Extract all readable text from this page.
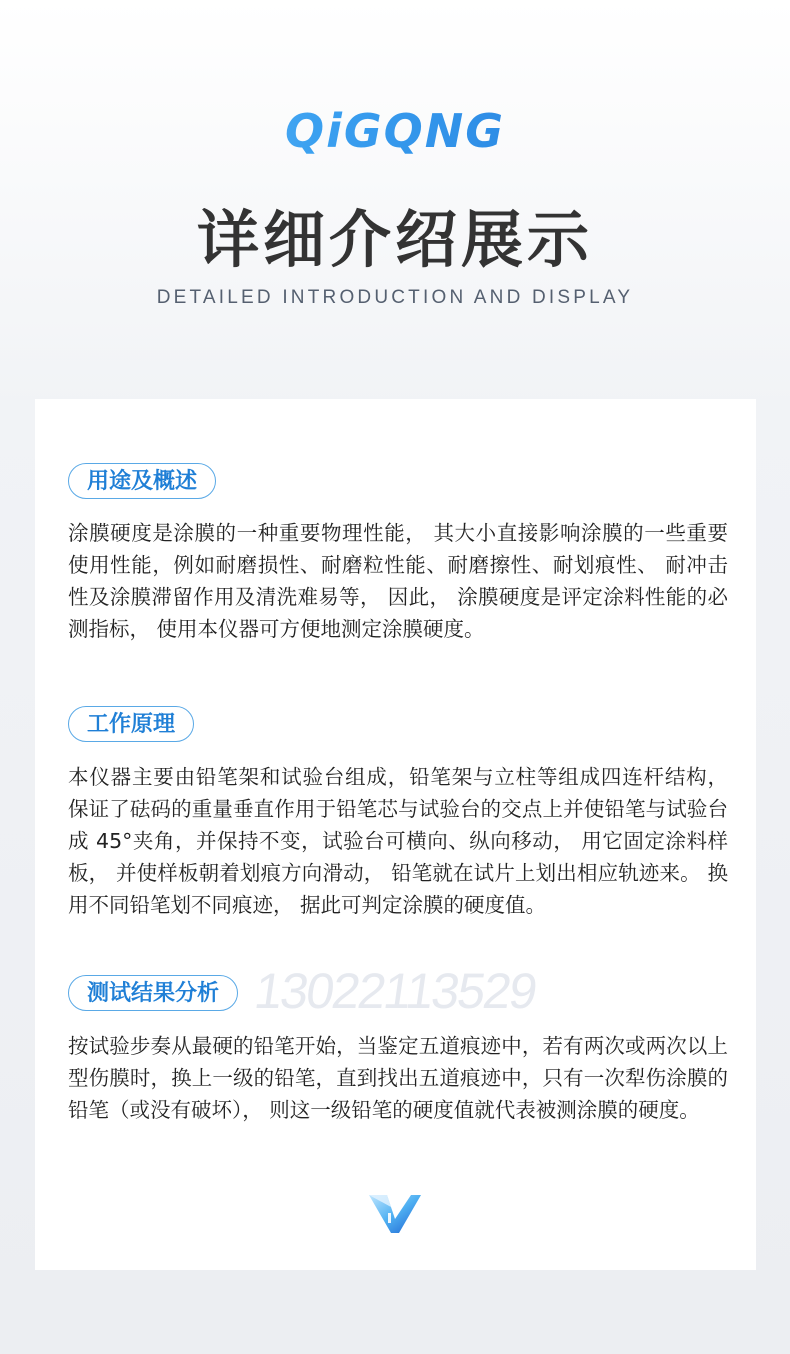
QiGQNG
详细介绍展示
DETAILED INTRODUCTION AND DISPLAY
用途及概述

涂膜硬度是涂膜的一种重要物理性能， 其大小直接影响涂膜的一些重要使用性能，例如耐磨损性、耐磨粒性能、耐磨擦性、耐划痕性、 耐冲击性及涂膜滞留作用及清洗难易等， 因此， 涂膜硬度是评定涂料性能的必测指标， 使用本仪器可方便地测定涂膜硬度。

工作原理

本仪器主要由铅笔架和试验台组成，铅笔架与立柱等组成四连杆结构， 保证了砝码的重量垂直作用于铅笔芯与试验台的交点上并使铅笔与试验台成 45°夹角，并保持不变，试验台可横向、纵向移动， 用它固定涂料样板， 并使样板朝着划痕方向滑动， 铅笔就在试片上划出相应轨迹来。 换用不同铅笔划不同痕迹， 据此可判定涂膜的硬度值。

13022113529
测试结果分析

按试验步奏从最硬的铅笔开始，当鉴定五道痕迹中，若有两次或两次以上型伤膜时，换上一级的铅笔，直到找出五道痕迹中，只有一次犁伤涂膜的铅笔（或没有破坏）， 则这一级铅笔的硬度值就代表被测涂膜的硬度。
